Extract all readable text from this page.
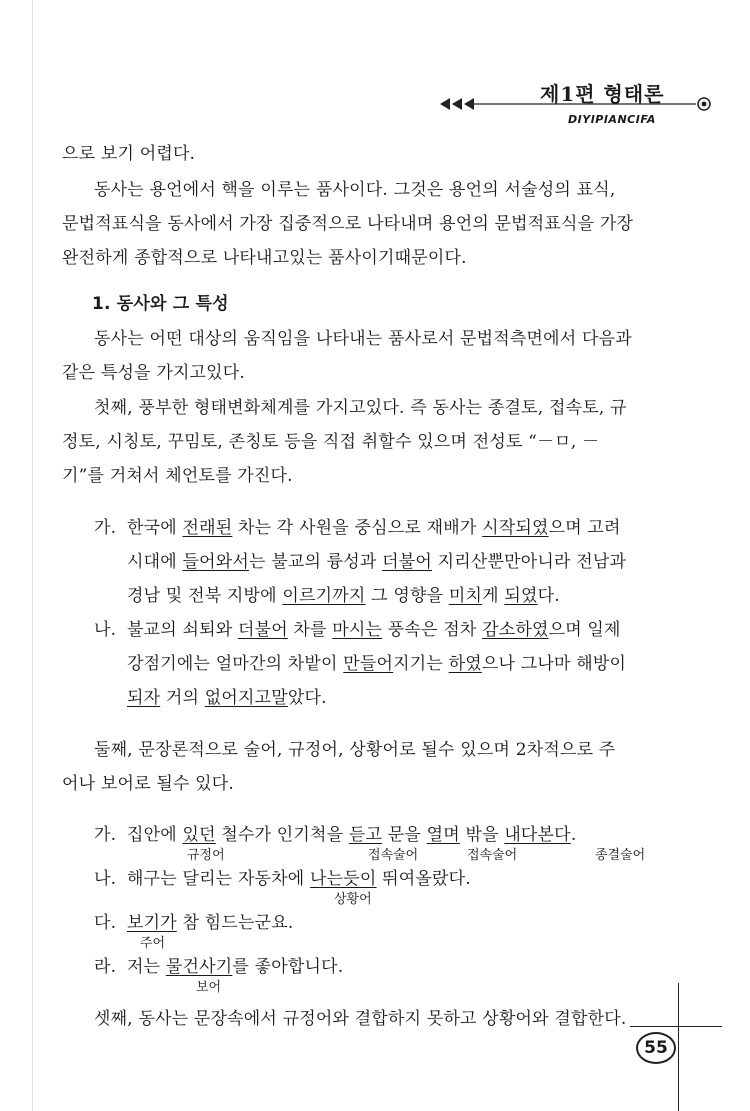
제1편 형태론
DIYIPIANCIFA
으로 보기 어렵다.
동사는 용언에서 핵을 이루는 품사이다. 그것은 용언의 서술성의 표식,
문법적표식을 동사에서 가장 집중적으로 나타내며 용언의 문법적표식을 가장
완전하게 종합적으로 나타내고있는 품사이기때문이다.
1. 동사와 그 특성
동사는 어떤 대상의 움직임을 나타내는 품사로서 문법적측면에서 다음과
같은 특성을 가지고있다.
첫째, 풍부한 형태변화체계를 가지고있다. 즉 동사는 종결토, 접속토, 규
정토, 시칭토, 꾸밈토, 존칭토 등을 직접 취할수 있으며 전성토 “－ㅁ, －
기”를 거쳐서 체언토를 가진다.
가. 한국에 전래된 차는 각 사원을 중심으로 재배가 시작되였으며 고려
시대에 들어와서는 불교의 륭성과 더불어 지리산뿐만아니라 전남과
경남 및 전북 지방에 이르기까지 그 영향을 미치게 되였다.
나. 불교의 쇠퇴와 더불어 차를 마시는 풍속은 점차 감소하였으며 일제
강점기에는 얼마간의 차밭이 만들어지기는 하였으나 그나마 해방이
되자 거의 없어지고말았다.
둘째, 문장론적으로 술어, 규정어, 상황어로 될수 있으며 2차적으로 주
어나 보어로 될수 있다.
가. 집안에 있던 철수가 인기척을 듣고 문을 열며 밖을 내다본다.
규정어	접속술어	접속술어	종결술어
나. 해구는 달리는 자동차에 나는듯이 뛰여올랐다.
상황어
다. 보기가 참 힘드는군요.
주어
라. 저는 물건사기를 좋아합니다.
보어
셋째, 동사는 문장속에서 규정어와 결합하지 못하고 상황어와 결합한다.
55
